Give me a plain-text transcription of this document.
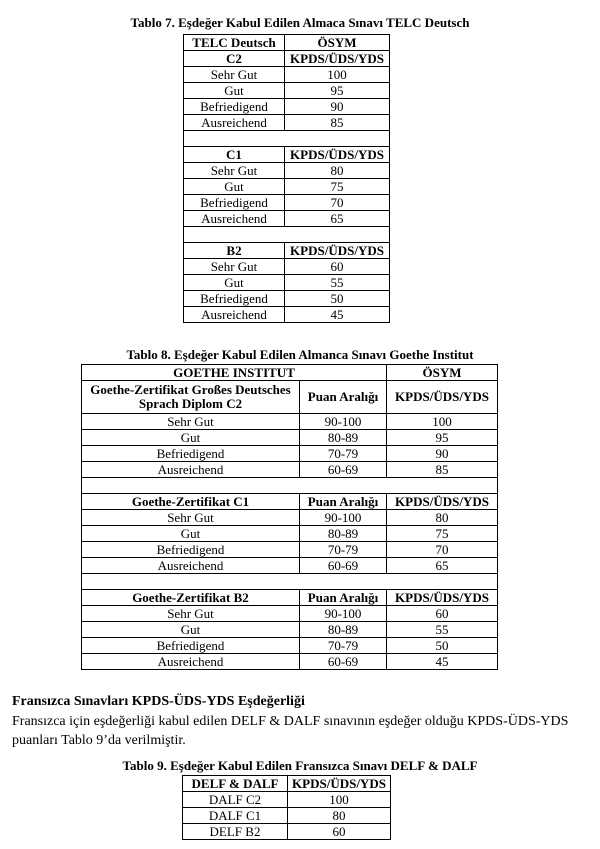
Tablo 7. Eşdeğer Kabul Edilen Almaca Sınavı TELC Deutsch
TELC Deutsch	ÖSYM
C2	KPDS/ÜDS/YDS
Sehr Gut	100
Gut	95
Befriedigend	90
Ausreichend	85

C1	KPDS/ÜDS/YDS
Sehr Gut	80
Gut	75
Befriedigend	70
Ausreichend	65

B2	KPDS/ÜDS/YDS
Sehr Gut	60
Gut	55
Befriedigend	50
Ausreichend	45
Tablo 8. Eşdeğer Kabul Edilen Almanca Sınavı Goethe Institut
GOETHE INSTITUT		ÖSYM
Goethe-Zertifikat Großes Deutsches Sprach Diplom C2	Puan Aralığı	KPDS/ÜDS/YDS
Sehr Gut	90-100	100
Gut	80-89	95
Befriedigend	70-79	90
Ausreichend	60-69	85

Goethe-Zertifikat C1	Puan Aralığı	KPDS/ÜDS/YDS
Sehr Gut	90-100	80
Gut	80-89	75
Befriedigend	70-79	70
Ausreichend	60-69	65

Goethe-Zertifikat B2	Puan Aralığı	KPDS/ÜDS/YDS
Sehr Gut	90-100	60
Gut	80-89	55
Befriedigend	70-79	50
Ausreichend	60-69	45
Fransızca Sınavları KPDS-ÜDS-YDS Eşdeğerliği
Fransızca için eşdeğerliği kabul edilen DELF & DALF sınavının eşdeğer olduğu KPDS-ÜDS-YDS puanları Tablo 9’da verilmiştir.
Tablo 9. Eşdeğer Kabul Edilen Fransızca Sınavı DELF & DALF
DELF & DALF	KPDS/ÜDS/YDS
DALF C2	100
DALF C1	80
DELF B2	60
